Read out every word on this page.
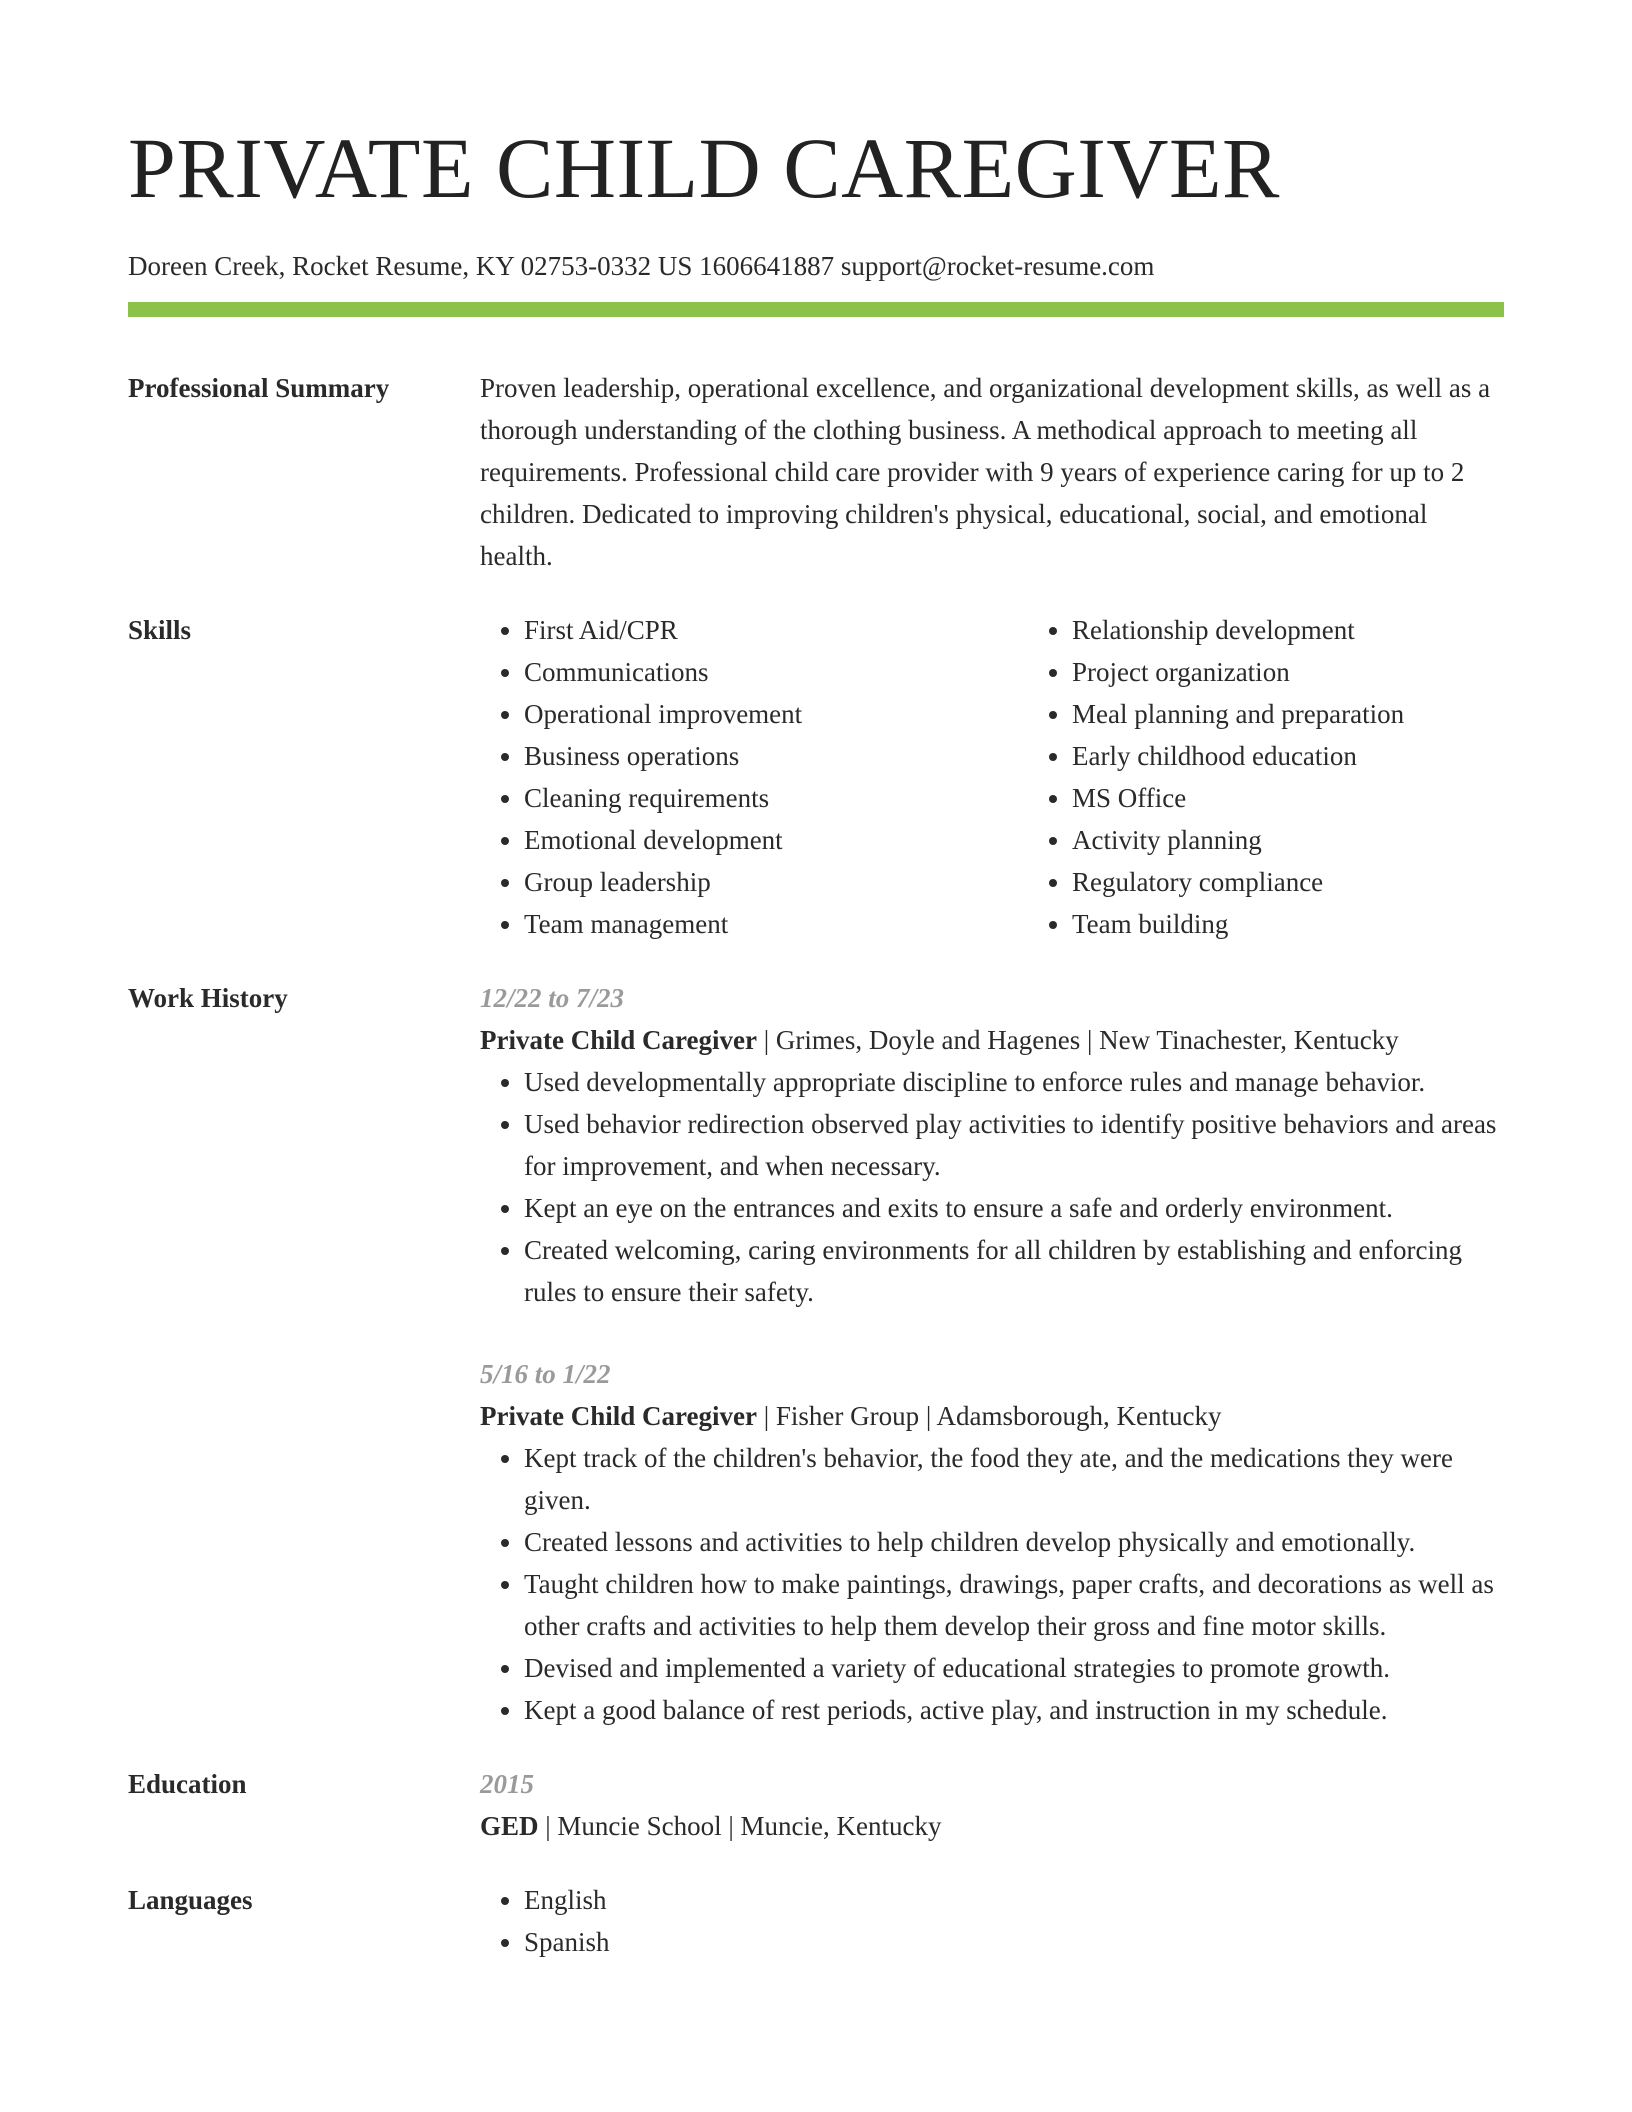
PRIVATE CHILD CAREGIVER
Doreen Creek, Rocket Resume, KY 02753-0332 US 1606641887 support@rocket-resume.com
Professional Summary	Proven leadership, operational excellence, and organizational development skills, as well as a thorough understanding of the clothing business. A methodical approach to meeting all requirements. Professional child care provider with 9 years of experience caring for up to 2 children. Dedicated to improving children's physical, educational, social, and emotional health.
Skills	• First Aid/CPR
• Communications
• Operational improvement
• Business operations
• Cleaning requirements
• Emotional development
• Group leadership
• Team management
• Relationship development
• Project organization
• Meal planning and preparation
• Early childhood education
• MS Office
• Activity planning
• Regulatory compliance
• Team building
Work History	12/22 to 7/23
Private Child Caregiver | Grimes, Doyle and Hagenes | New Tinachester, Kentucky
• Used developmentally appropriate discipline to enforce rules and manage behavior.
• Used behavior redirection observed play activities to identify positive behaviors and areas for improvement, and when necessary.
• Kept an eye on the entrances and exits to ensure a safe and orderly environment.
• Created welcoming, caring environments for all children by establishing and enforcing rules to ensure their safety.
5/16 to 1/22
Private Child Caregiver | Fisher Group | Adamsborough, Kentucky
• Kept track of the children's behavior, the food they ate, and the medications they were given.
• Created lessons and activities to help children develop physically and emotionally.
• Taught children how to make paintings, drawings, paper crafts, and decorations as well as other crafts and activities to help them develop their gross and fine motor skills.
• Devised and implemented a variety of educational strategies to promote growth.
• Kept a good balance of rest periods, active play, and instruction in my schedule.
Education	2015
GED | Muncie School | Muncie, Kentucky
Languages	• English
• Spanish
